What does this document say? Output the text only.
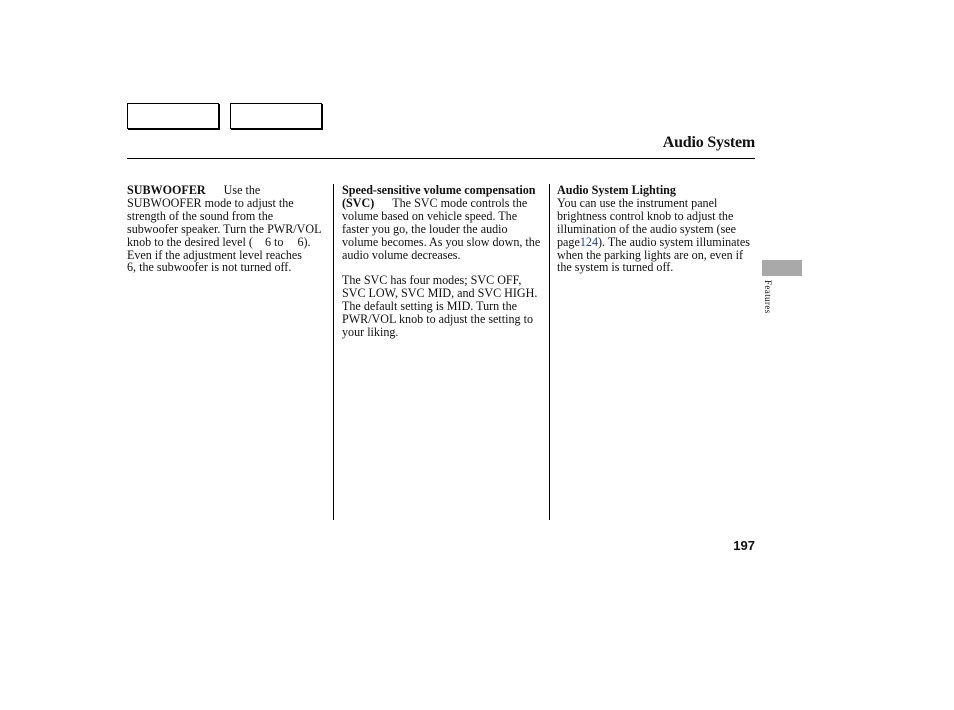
Audio System
SUBWOOFER Use the SUBWOOFER mode to adjust the strength of the sound from the subwoofer speaker. Turn the PWR/VOL knob to the desired level ( 6 to 6). Even if the adjustment level reaches6, the subwoofer is not turned off.

Speed-sensitive volume compensation (SVC) The SVC mode controls the volume based on vehicle speed. The faster you go, the louder the audio volume becomes. As you slow down, the audio volume decreases.

The SVC has four modes; SVC OFF, SVC LOW, SVC MID, and SVC HIGH. The default setting is MID. Turn the PWR/VOL knob to adjust the setting to your liking.

Audio System Lighting

You can use the instrument panel brightness control knob to adjust the illumination of the audio system (see page124). The audio system illuminates when the parking lights are on, even if the system is turned off.

Features
197
